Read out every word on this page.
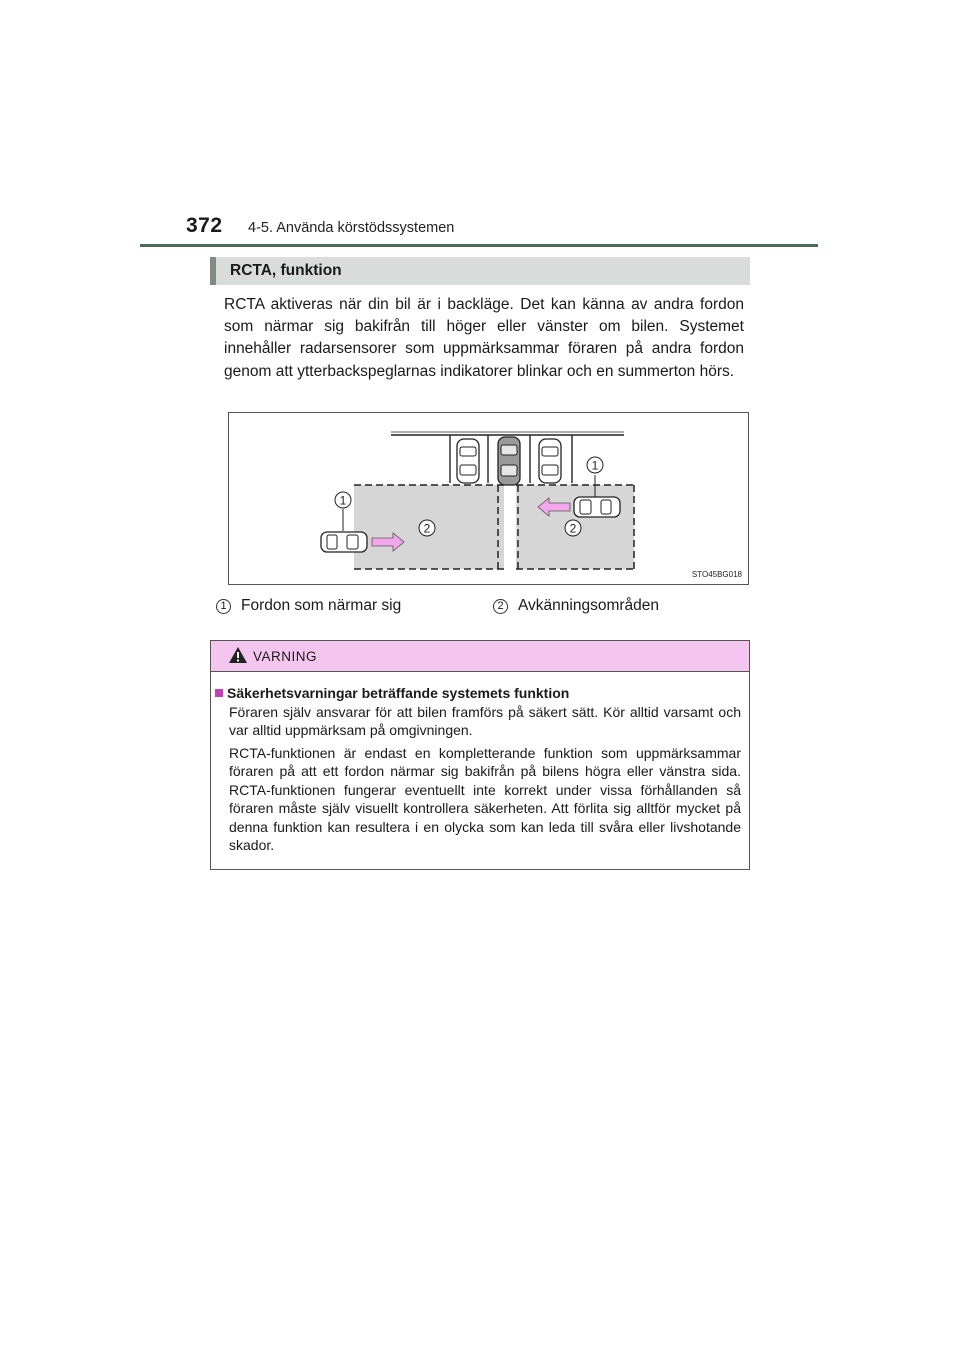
372 4-5. Använda körstödssystemen
RCTA, funktion

RCTA aktiveras när din bil är i backläge. Det kan känna av andra fordon som närmar sig bakifrån till höger eller vänster om bilen. Systemet innehåller radarsensorer som uppmärksammar föraren på andra fordon genom att ytterbackspeglarnas indikatorer blinkar och en summerton hörs.

1
1
2	2
STO45BG018
1 Fordon som närmar sig	2 Avkänningsområden
VARNING
Säkerhetsvarningar beträffande systemets funktion

Föraren själv ansvarar för att bilen framförs på säkert sätt. Kör alltid varsamt och var alltid uppmärksam på omgivningen.

RCTA-funktionen är endast en kompletterande funktion som uppmärksammar föraren på att ett fordon närmar sig bakifrån på bilens högra eller vänstra sida. RCTA-funktionen fungerar eventuellt inte korrekt under vissa förhållanden så föraren måste själv visuellt kontrollera säkerheten. Att förlita sig alltför mycket på denna funktion kan resultera i en olycka som kan leda till svåra eller livshotande skador.
